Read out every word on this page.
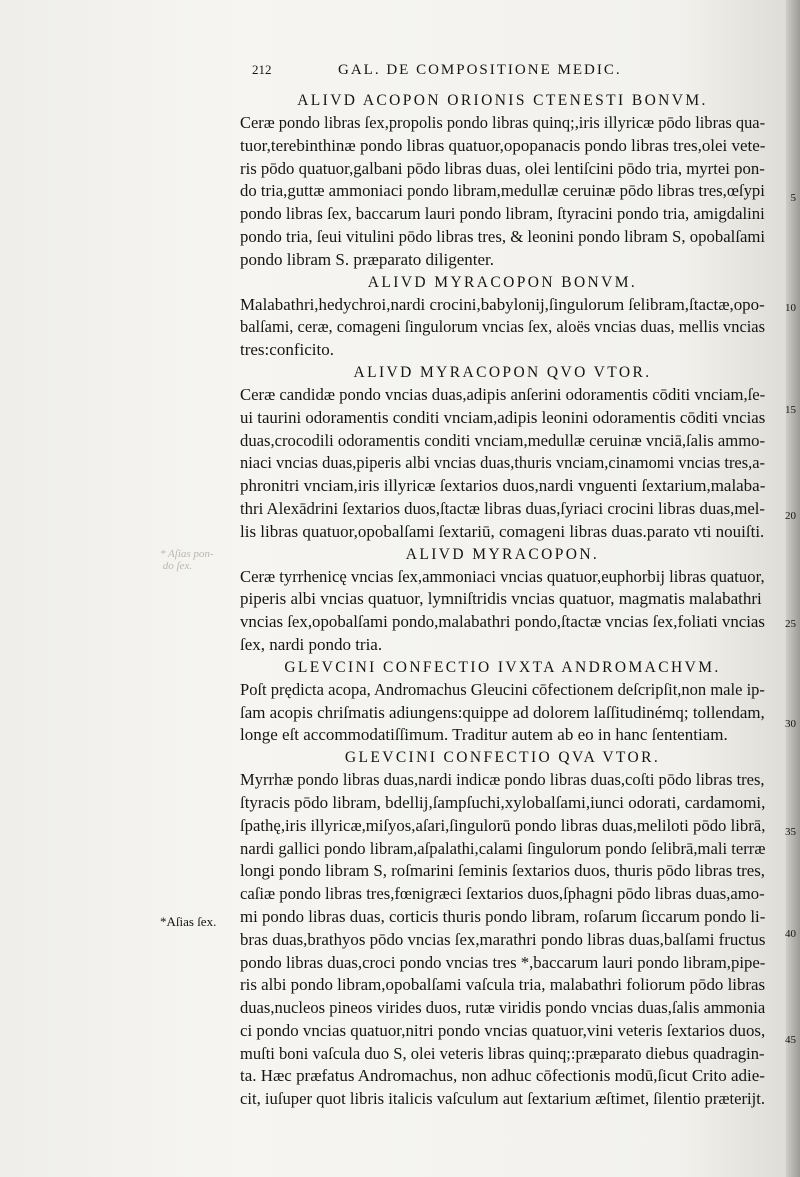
212	GAL. DE COMPOSITIONE MEDIC.
ALIVD ACOPON ORIONIS CTENESTI BONVM.
Ceræ pondo libras ſex,propolis pondo libras quinq;,iris illyricæ pōdo libras qua-
tuor,terebinthinæ pondo libras quatuor,opopanacis pondo libras tres,olei vete-
ris pōdo quatuor,galbani pōdo libras duas, olei lentiſcini pōdo tria, myrtei pon-
do tria,guttæ ammoniaci pondo libram,medullæ ceruinæ pōdo libras tres,œſypi
pondo libras ſex, baccarum lauri pondo libram, ſtyracini pondo tria, amigdalini
pondo tria, ſeui vitulini pōdo libras tres, & leonini pondo libram S, opobalſami
pondo libram S. præparato diligenter.
ALIVD MYRACOPON BONVM.
Malabathri,hedychroi,nardi crocini,babylonij,ſingulorum ſelibram,ſtactæ,opo-
balſami, ceræ, comageni ſingulorum vncias ſex, aloës vncias duas, mellis vncias
tres:conficito.
ALIVD MYRACOPON QVO VTOR.
Ceræ candidæ pondo vncias duas,adipis anſerini odoramentis cōditi vnciam,ſe-
ui taurini odoramentis conditi vnciam,adipis leonini odoramentis cōditi vncias
duas,crocodili odoramentis conditi vnciam,medullæ ceruinæ vnciā,ſalis ammo-
niaci vncias duas,piperis albi vncias duas,thuris vnciam,cinamomi vncias tres,a-
phronitri vnciam,iris illyricæ ſextarios duos,nardi vnguenti ſextarium,malaba-
thri Alexādrini ſextarios duos,ſtactæ libras duas,ſyriaci crocini libras duas,mel-
lis libras quatuor,opobalſami ſextariū, comageni libras duas.parato vti nouiſti.
ALIVD MYRACOPON.
Ceræ tyrrhenicę vncias ſex,ammoniaci vncias quatuor,euphorbij libras quatuor,
piperis albi vncias quatuor, lymniſtridis vncias quatuor, magmatis malabathri
vncias ſex,opobalſami pondo,malabathri pondo,ſtactæ vncias ſex,foliati vncias
ſex, nardi pondo tria.
GLEVCINI CONFECTIO IVXTA ANDROMACHVM.
Poſt prędicta acopa, Andromachus Gleucini cōfectionem deſcripſit,non male ip-
ſam acopis chriſmatis adiungens:quippe ad dolorem laſſitudinémq; tollendam,
longe eſt accommodatiſſimum. Traditur autem ab eo in hanc ſententiam.
GLEVCINI CONFECTIO QVA VTOR.
Myrrhæ pondo libras duas,nardi indicæ pondo libras duas,coſti pōdo libras tres,
ſtyracis pōdo libram, bdellij,ſampſuchi,xylobalſami,iunci odorati, cardamomi,
ſpathę,iris illyricæ,miſyos,aſari,ſingulorū pondo libras duas,meliloti pōdo librā,
nardi gallici pondo libram,aſpalathi,calami ſingulorum pondo ſelibrā,mali terræ
longi pondo libram S, roſmarini ſeminis ſextarios duos, thuris pōdo libras tres,
caſiæ pondo libras tres,fœnigræci ſextarios duos,ſphagni pōdo libras duas,amo-
mi pondo libras duas, corticis thuris pondo libram, roſarum ſiccarum pondo li-
bras duas,brathyos pōdo vncias ſex,marathri pondo libras duas,balſami fructus
pondo libras duas,croci pondo vncias tres *,baccarum lauri pondo libram,pipe-
ris albi pondo libram,opobalſami vaſcula tria, malabathri foliorum pōdo libras
duas,nucleos pineos virides duos, rutæ viridis pondo vncias duas,ſalis ammonia
ci pondo vncias quatuor,nitri pondo vncias quatuor,vini veteris ſextarios duos,
muſti boni vaſcula duo S, olei veteris libras quinq;:præparato diebus quadragin-
ta. Hæc præfatus Andromachus, non adhuc cōfectionis modū,ſicut Crito adie-
cit, iuſuper quot libris italicis vaſculum aut ſextarium æſtimet, ſilentio præterijt.
5
10
15
20
25
30
35
40
45
* Aſias pon-
do ſex.
*Aſias ſex.
